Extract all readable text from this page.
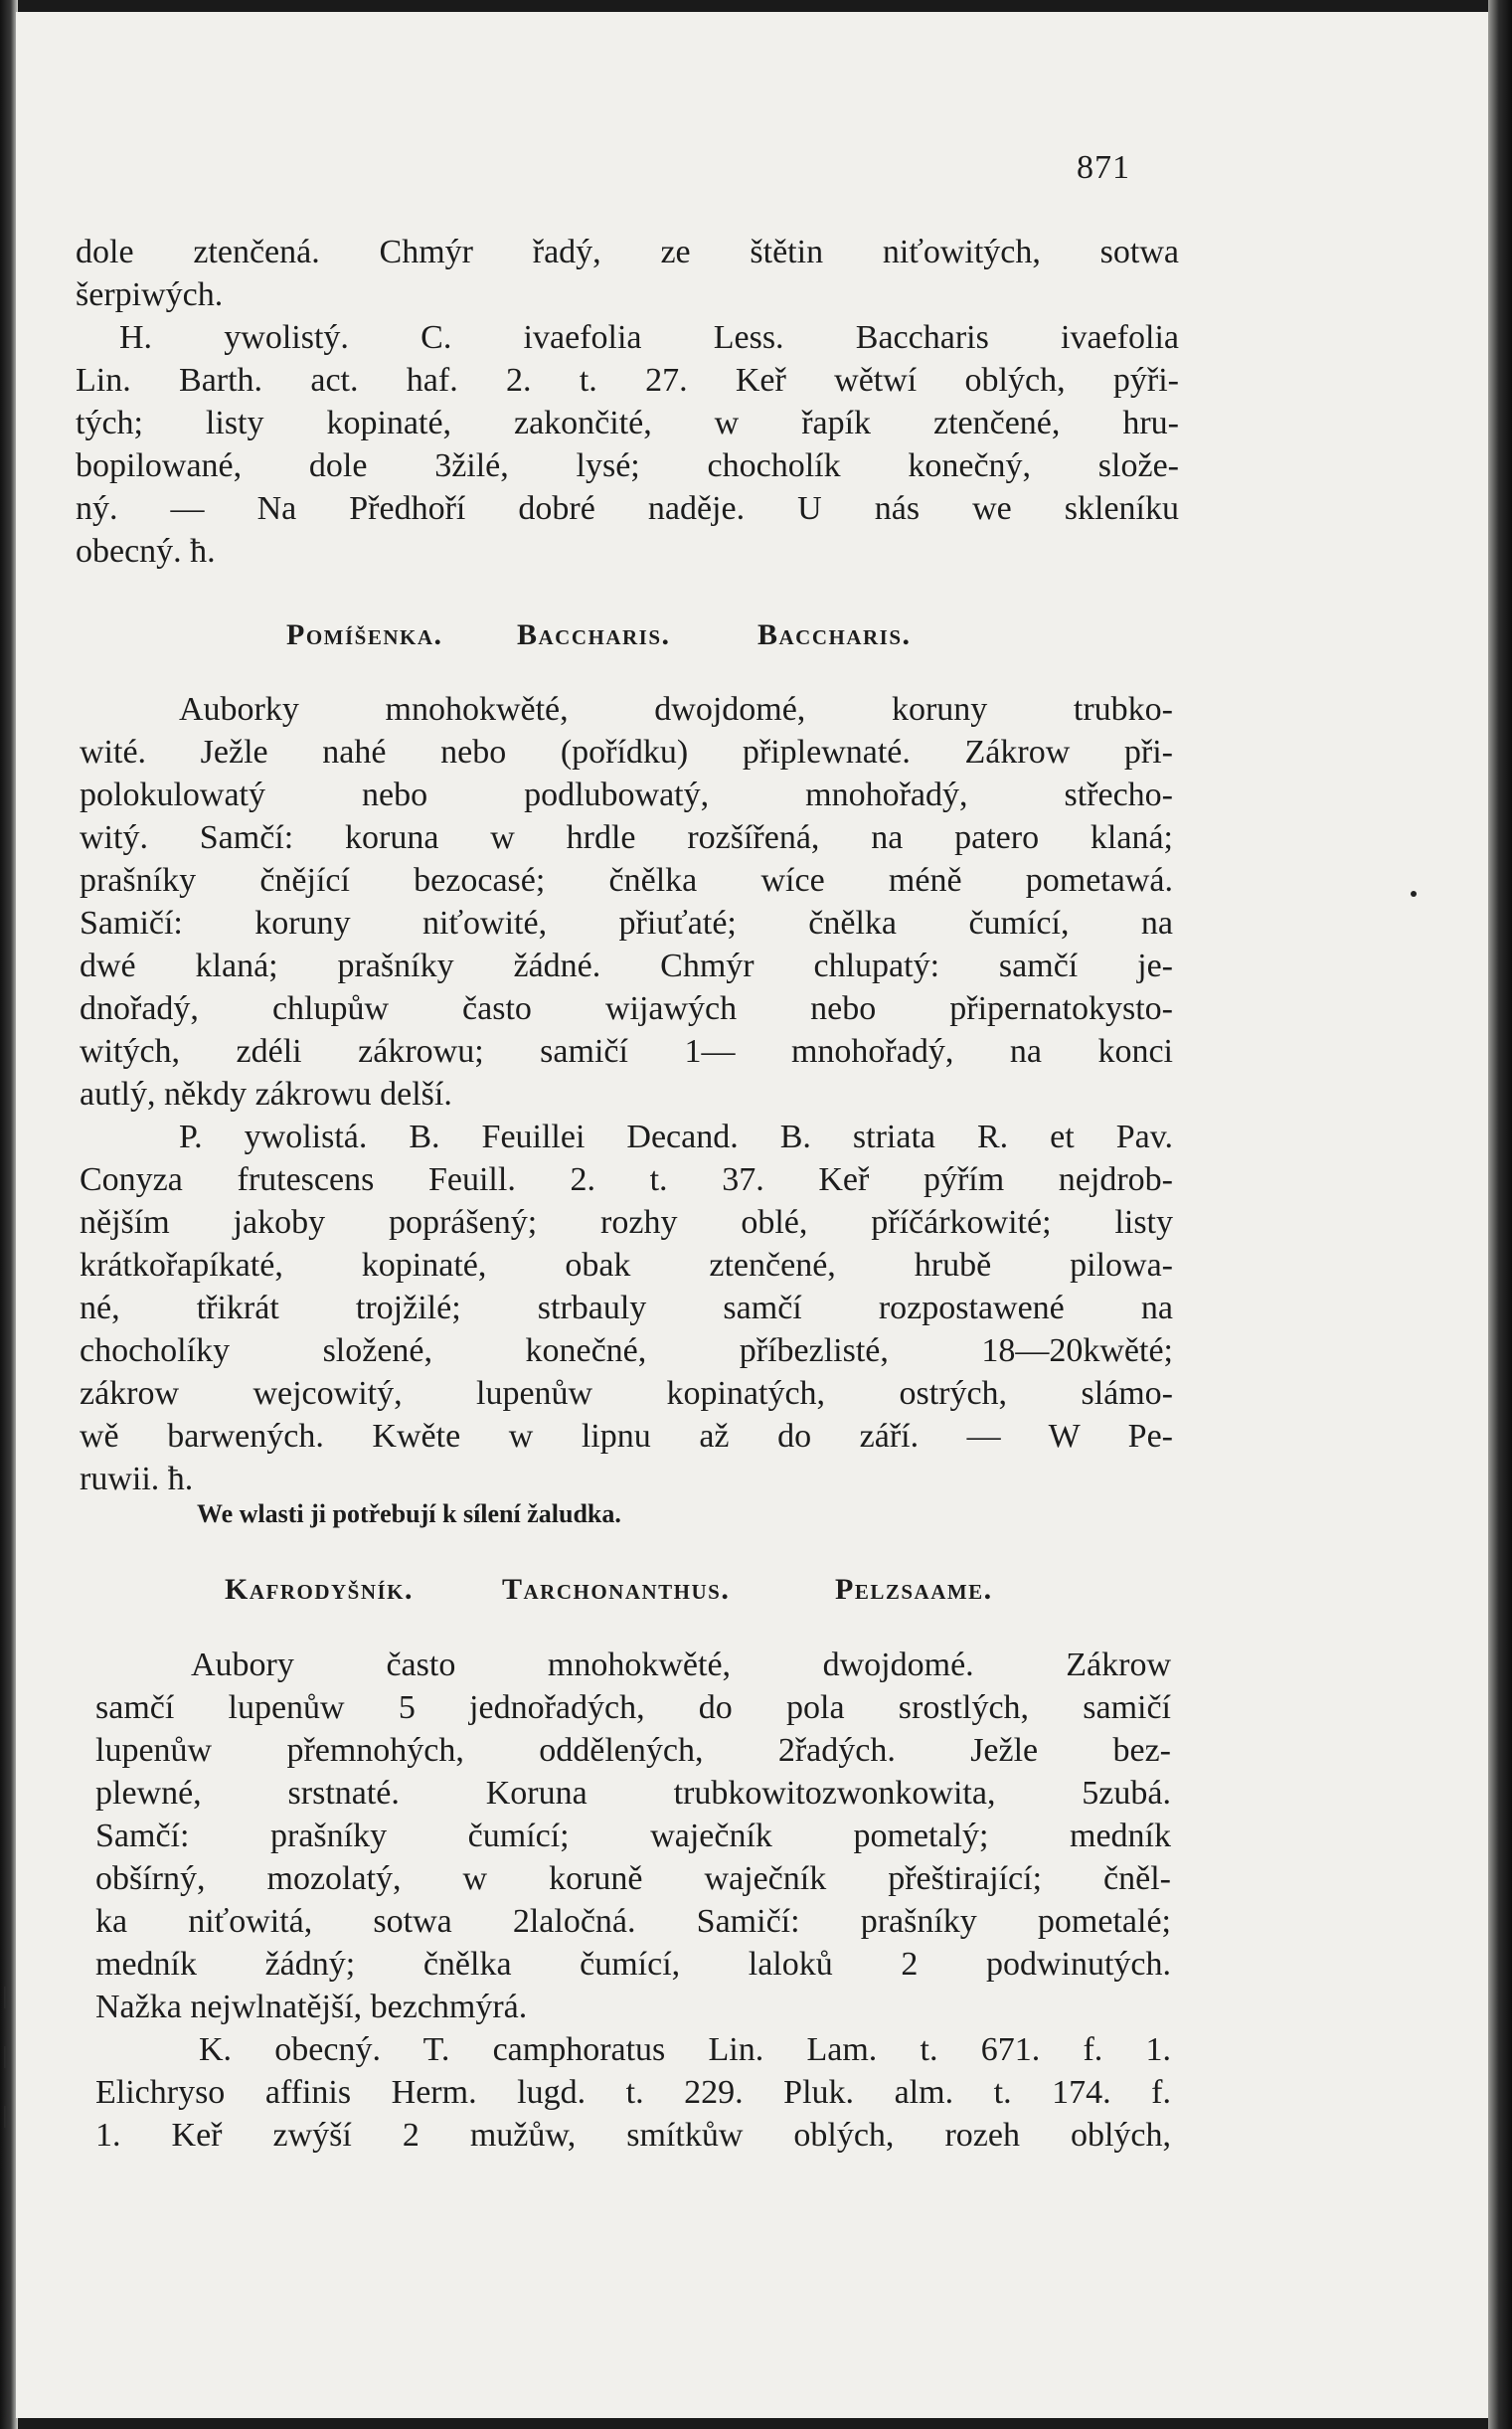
871
dole ztenčená. Chmýr řadý, ze štětin niťowitých, sotwa
šerpiwých.
H. ywolistý. C. ivaefolia Less. Baccharis ivaefolia
Lin. Barth. act. haf. 2. t. 27. Keř wětwí oblých, pýři-
tých; listy kopinaté, zakončité, w řapík ztenčené, hru-
bopilowané, dole 3žilé, lysé; chocholík konečný, slože-
ný. — Na Předhoří dobré naděje. U nás we skleníku
obecný. ħ.
Pomíšenka. Baccharis.	Baccharis.
Auborky mnohokwěté, dwojdomé, koruny trubko-
wité. Ježle nahé nebo (pořídku) připlewnaté. Zákrow při-
polokulowatý nebo podlubowatý, mnohořadý, střecho-
witý. Samčí: koruna w hrdle rozšířená, na patero klaná;
prašníky čnějící bezocasé; čnělka wíce méně pometawá.
Samičí: koruny niťowité, přiuťaté; čnělka čumící, na
dwé klaná; prašníky žádné. Chmýr chlupatý: samčí je-
dnořadý, chlupůw často wijawých nebo připernatokysto-
witých, zdéli zákrowu; samičí 1— mnohořadý, na konci
autlý, někdy zákrowu delší.
P. ywolistá. B. Feuillei Decand. B. striata R. et Pav.
Conyza frutescens Feuill. 2. t. 37. Keř pýřím nejdrob-
nějším jakoby poprášený; rozhy oblé, příčárkowité; listy
krátkořapíkaté, kopinaté, obak ztenčené, hrubě pilowa-
né, třikrát trojžilé; strbauly samčí rozpostawené na
chocholíky složené, konečné, příbezlisté, 18—20kwěté;
zákrow wejcowitý, lupenůw kopinatých, ostrých, slámo-
wě barwených. Kwěte w lipnu až do září. — W Pe-
ruwii. ħ.
We wlasti ji potřebují k sílení žaludka.
Kafrodyšník.	Tarchonanthus.	Pelzsaame.
Aubory často mnohokwěté, dwojdomé. Zákrow
samčí lupenůw 5 jednořadých, do pola srostlých, samičí
lupenůw přemnohých, oddělených, 2řadých. Ježle bez-
plewné, srstnaté. Koruna trubkowitozwonkowita, 5zubá.
Samčí: prašníky čumící; waječník pometalý; medník
obšírný, mozolatý, w koruně waječník přeštirající; čněl-
ka niťowitá, sotwa 2laločná. Samičí: prašníky pometalé;
medník žádný; čnělka čumící, laloků 2 podwinutých.
Nažka nejwlnatější, bezchmýrá.
K. obecný. T. camphoratus Lin. Lam. t. 671. f. 1.
Elichryso affinis Herm. lugd. t. 229. Pluk. alm. t. 174. f.
1. Keř zwýší 2 mužůw, smítkůw oblých, rozeh oblých,
